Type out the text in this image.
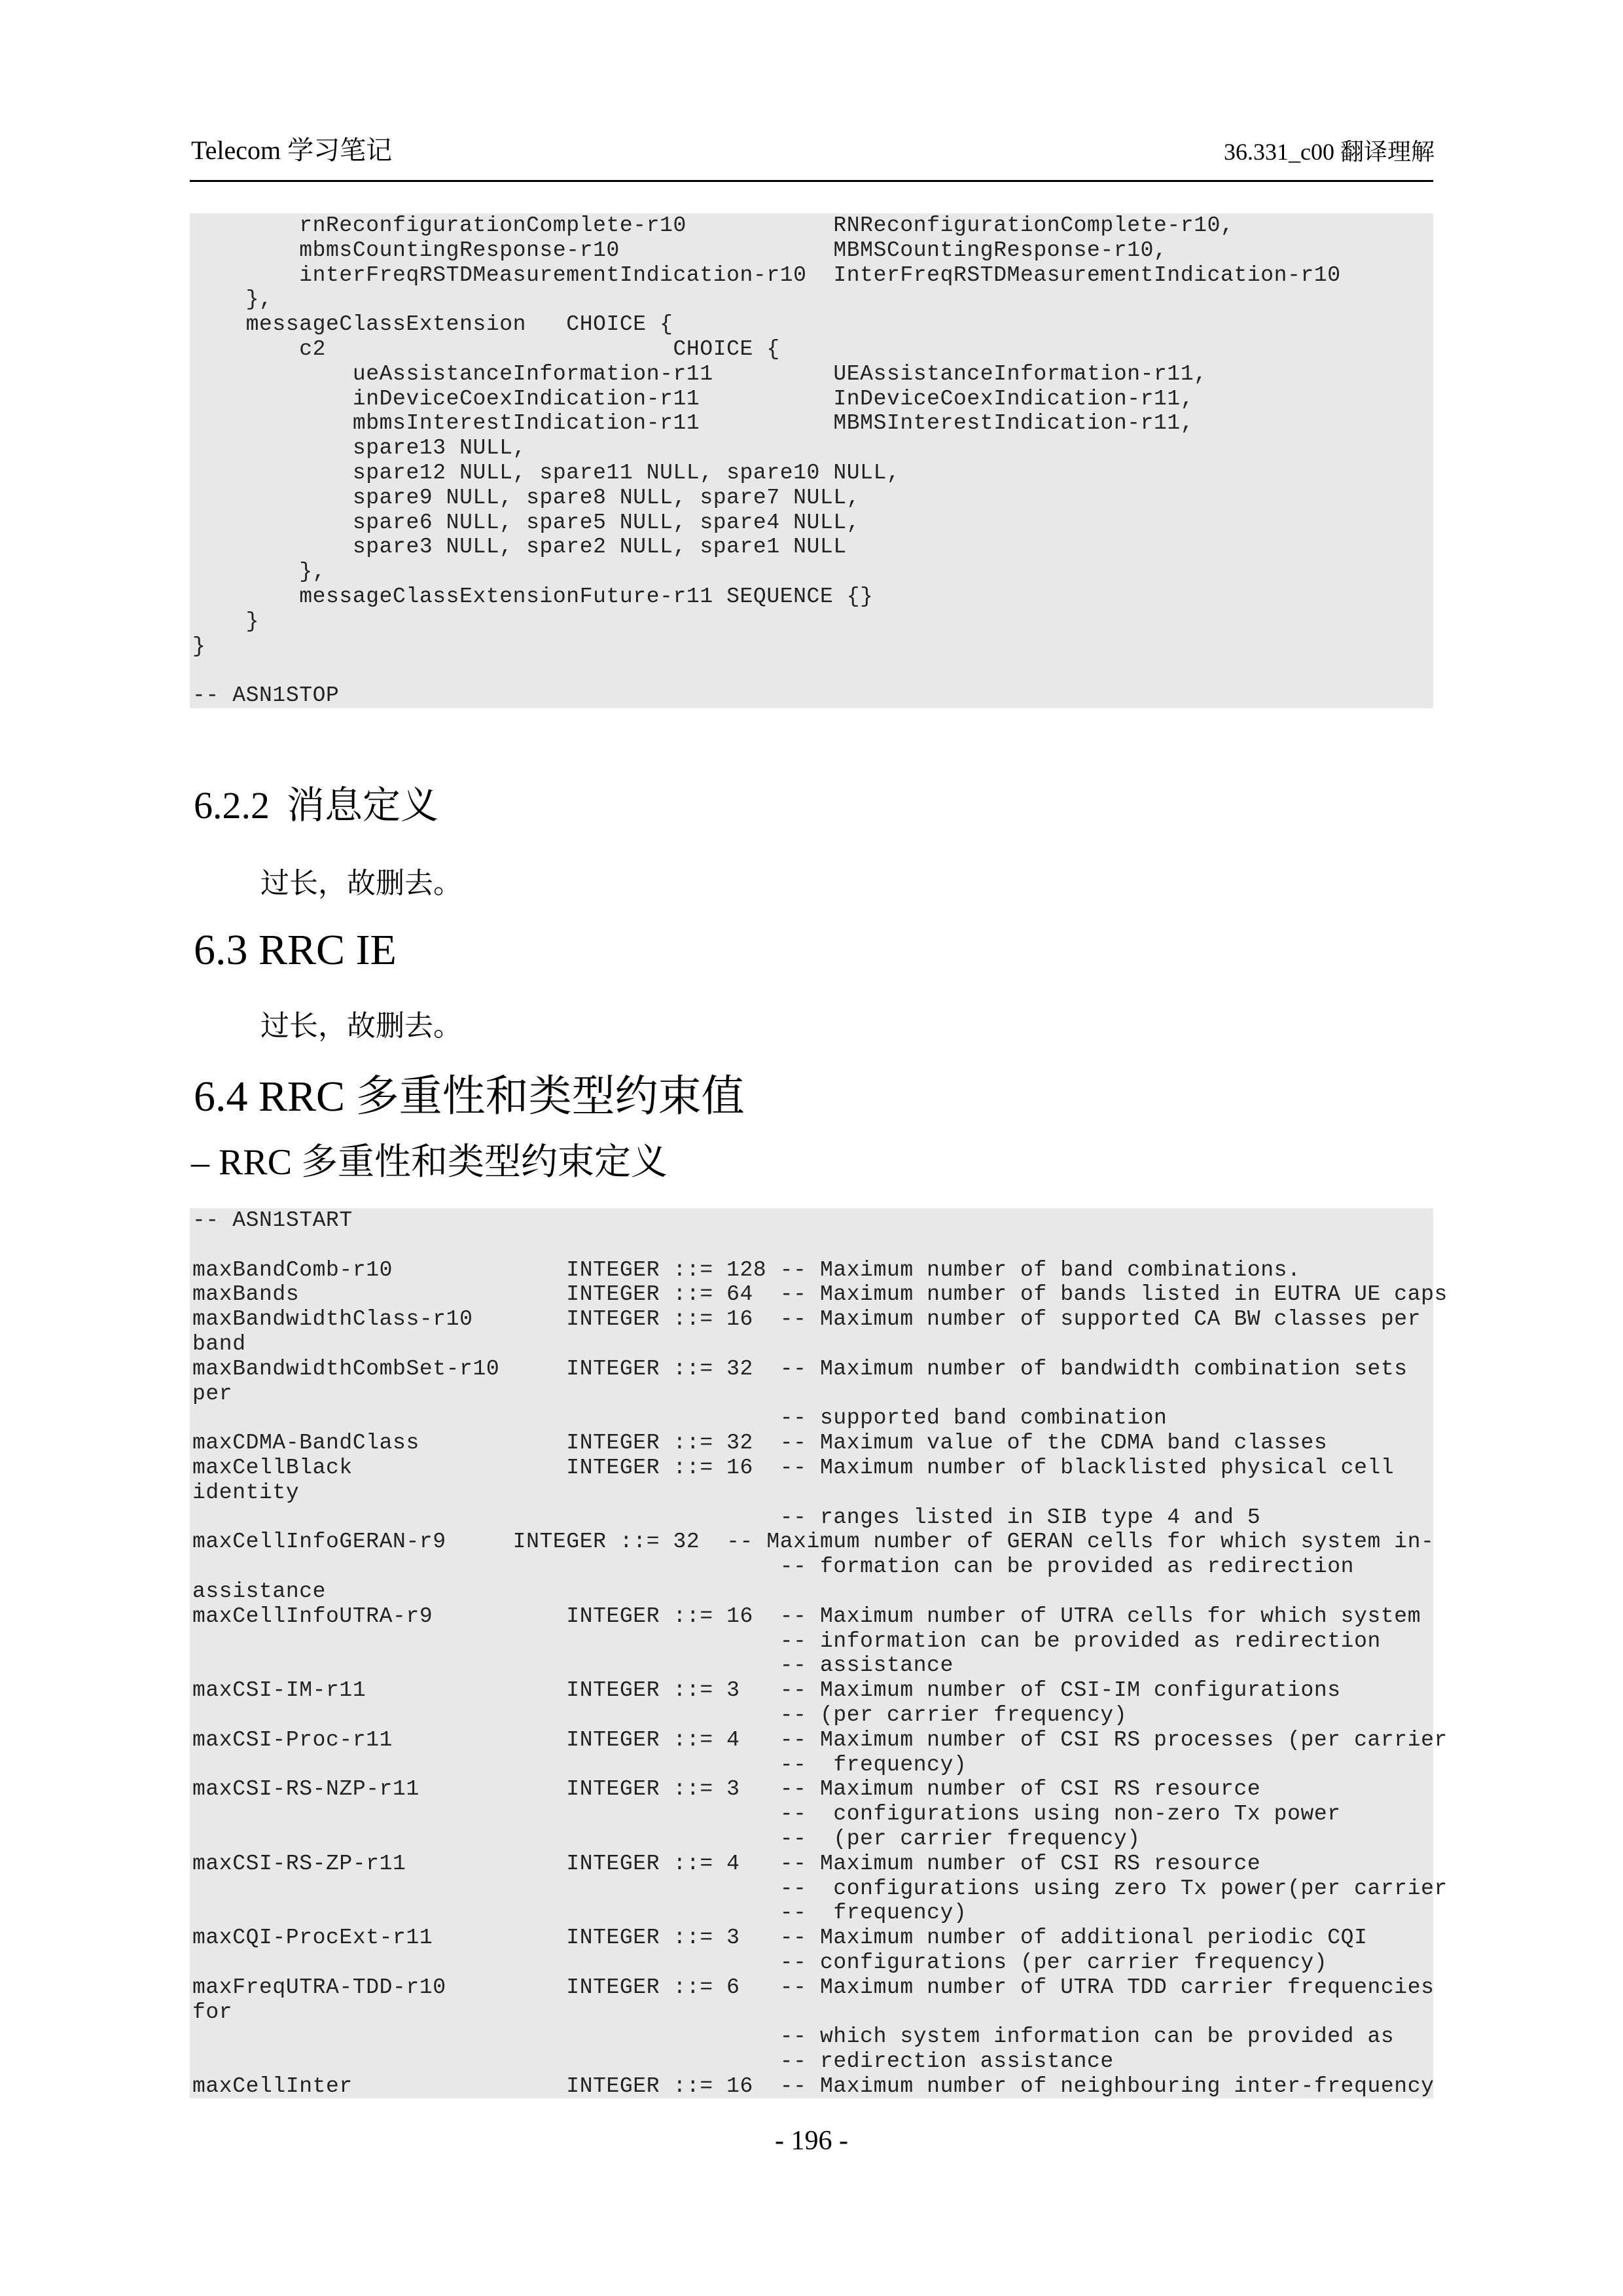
Telecom 学习笔记	36.331_c00 翻译理解
rnReconfigurationComplete-r10           RNReconfigurationComplete-r10,
mbmsCountingResponse-r10                MBMSCountingResponse-r10,
interFreqRSTDMeasurementIndication-r10  InterFreqRSTDMeasurementIndication-r10
},
messageClassExtension   CHOICE {
c2                          CHOICE {
ueAssistanceInformation-r11         UEAssistanceInformation-r11,
inDeviceCoexIndication-r11          InDeviceCoexIndication-r11,
mbmsInterestIndication-r11          MBMSInterestIndication-r11,
spare13 NULL,
spare12 NULL, spare11 NULL, spare10 NULL,
spare9 NULL, spare8 NULL, spare7 NULL,
spare6 NULL, spare5 NULL, spare4 NULL,
spare3 NULL, spare2 NULL, spare1 NULL
},
messageClassExtensionFuture-r11 SEQUENCE {}
}
}

-- ASN1STOP
6.2.2 消息定义
过长，故删去。
6.3 RRC IE
过长，故删去。
6.4 RRC 多重性和类型约束值
– RRC 多重性和类型约束定义
-- ASN1START

maxBandComb-r10             INTEGER ::= 128 -- Maximum number of band combinations.
maxBands                    INTEGER ::= 64  -- Maximum number of bands listed in EUTRA UE caps
maxBandwidthClass-r10       INTEGER ::= 16  -- Maximum number of supported CA BW classes per
band
maxBandwidthCombSet-r10     INTEGER ::= 32  -- Maximum number of bandwidth combination sets
per
-- supported band combination
maxCDMA-BandClass           INTEGER ::= 32  -- Maximum value of the CDMA band classes
maxCellBlack                INTEGER ::= 16  -- Maximum number of blacklisted physical cell
identity
-- ranges listed in SIB type 4 and 5
maxCellInfoGERAN-r9     INTEGER ::= 32  -- Maximum number of GERAN cells for which system in-
-- formation can be provided as redirection
assistance
maxCellInfoUTRA-r9          INTEGER ::= 16  -- Maximum number of UTRA cells for which system
-- information can be provided as redirection
-- assistance
maxCSI-IM-r11               INTEGER ::= 3   -- Maximum number of CSI-IM configurations
-- (per carrier frequency)
maxCSI-Proc-r11             INTEGER ::= 4   -- Maximum number of CSI RS processes (per carrier
--  frequency)
maxCSI-RS-NZP-r11           INTEGER ::= 3   -- Maximum number of CSI RS resource
--  configurations using non-zero Tx power
--  (per carrier frequency)
maxCSI-RS-ZP-r11            INTEGER ::= 4   -- Maximum number of CSI RS resource
--  configurations using zero Tx power(per carrier
--  frequency)
maxCQI-ProcExt-r11          INTEGER ::= 3   -- Maximum number of additional periodic CQI
-- configurations (per carrier frequency)
maxFreqUTRA-TDD-r10         INTEGER ::= 6   -- Maximum number of UTRA TDD carrier frequencies
for
-- which system information can be provided as
-- redirection assistance
maxCellInter                INTEGER ::= 16  -- Maximum number of neighbouring inter-frequency
- 196 -
